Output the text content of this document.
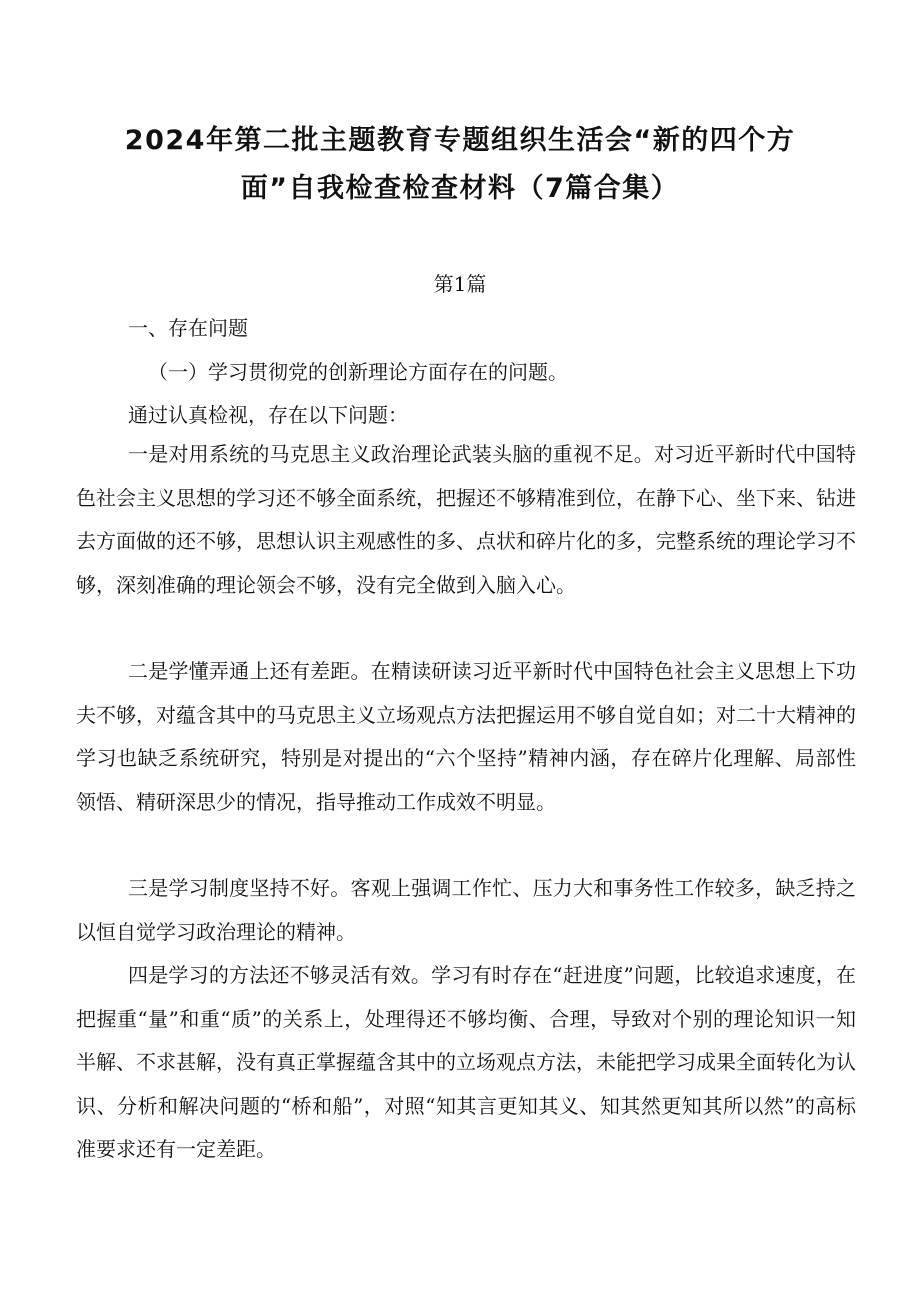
2024年第二批主题教育专题组织生活会“新的四个方
面”自我检查检查材料（7篇合集）

第1篇

一、存在问题

（一）学习贯彻党的创新理论方面存在的问题。

通过认真检视，存在以下问题：

一是对用系统的马克思主义政治理论武装头脑的重视不足。对习近平新时代中国特色社会主义思想的学习还不够全面系统，把握还不够精准到位，在静下心、坐下来、钻进去方面做的还不够，思想认识主观感性的多、点状和碎片化的多，完整系统的理论学习不够，深刻准确的理论领会不够，没有完全做到入脑入心。

二是学懂弄通上还有差距。在精读研读习近平新时代中国特色社会主义思想上下功夫不够，对蕴含其中的马克思主义立场观点方法把握运用不够自觉自如；对二十大精神的学习也缺乏系统研究，特别是对提出的“六个坚持”精神内涵，存在碎片化理解、局部性领悟、精研深思少的情况，指导推动工作成效不明显。

三是学习制度坚持不好。客观上强调工作忙、压力大和事务性工作较多，缺乏持之以恒自觉学习政治理论的精神。

四是学习的方法还不够灵活有效。学习有时存在“赶进度”问题，比较追求速度，在把握重“量”和重“质”的关系上，处理得还不够均衡、合理，导致对个别的理论知识一知半解、不求甚解，没有真正掌握蕴含其中的立场观点方法，未能把学习成果全面转化为认识、分析和解决问题的“桥和船”，对照“知其言更知其义、知其然更知其所以然”的高标准要求还有一定差距。
